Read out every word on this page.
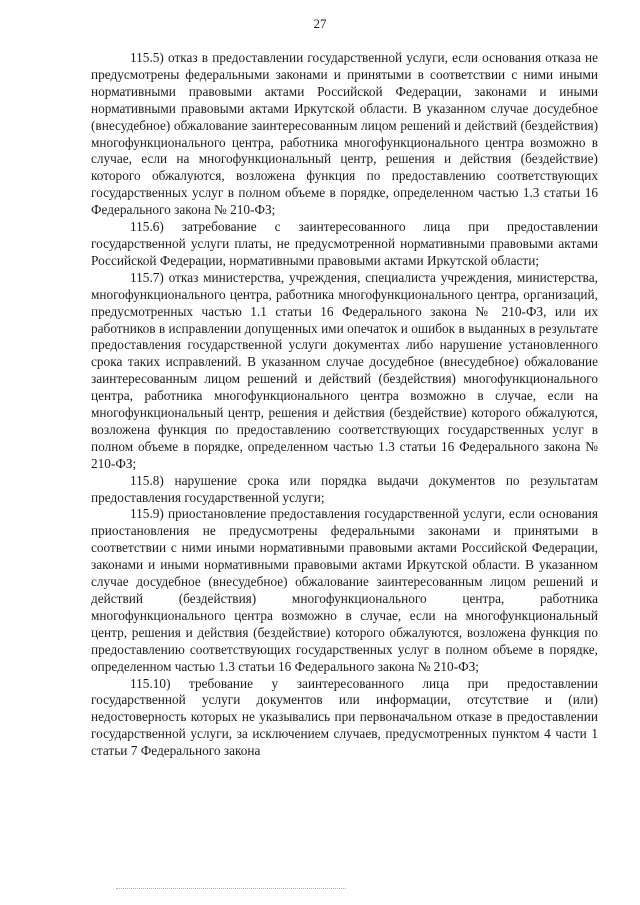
27

115.5) отказ в предоставлении государственной услуги, если основания отказа не предусмотрены федеральными законами и принятыми в соответствии с ними иными нормативными правовыми актами Российской Федерации, законами и иными нормативными правовыми актами Иркутской области. В указанном случае досудебное (внесудебное) обжалование заинтересованным лицом решений и действий (бездействия) многофункционального центра, работника многофункционального центра возможно в случае, если на многофункциональный центр, решения и действия (бездействие) которого обжалуются, возложена функция по предоставлению соответствующих государственных услуг в полном объеме в порядке, определенном частью 1.3 статьи 16 Федерального закона № 210-ФЗ;

115.6) затребование с заинтересованного лица при предоставлении государственной услуги платы, не предусмотренной нормативными правовыми актами Российской Федерации, нормативными правовыми актами Иркутской области;

115.7) отказ министерства, учреждения, специалиста учреждения, министерства, многофункционального центра, работника многофункционального центра, организаций, предусмотренных частью 1.1 статьи 16 Федерального закона № 210-ФЗ, или их работников в исправлении допущенных ими опечаток и ошибок в выданных в результате предоставления государственной услуги документах либо нарушение установленного срока таких исправлений. В указанном случае досудебное (внесудебное) обжалование заинтересованным лицом решений и действий (бездействия) многофункционального центра, работника многофункционального центра возможно в случае, если на многофункциональный центр, решения и действия (бездействие) которого обжалуются, возложена функция по предоставлению соответствующих государственных услуг в полном объеме в порядке, определенном частью 1.3 статьи 16 Федерального закона № 210-ФЗ;

115.8) нарушение срока или порядка выдачи документов по результатам предоставления государственной услуги;

115.9) приостановление предоставления государственной услуги, если основания приостановления не предусмотрены федеральными законами и принятыми в соответствии с ними иными нормативными правовыми актами Российской Федерации, законами и иными нормативными правовыми актами Иркутской области. В указанном случае досудебное (внесудебное) обжалование заинтересованным лицом решений и действий (бездействия) многофункционального центра, работника многофункционального центра возможно в случае, если на многофункциональный центр, решения и действия (бездействие) которого обжалуются, возложена функция по предоставлению соответствующих государственных услуг в полном объеме в порядке, определенном частью 1.3 статьи 16 Федерального закона № 210-ФЗ;

115.10) требование у заинтересованного лица при предоставлении государственной услуги документов или информации, отсутствие и (или) недостоверность которых не указывались при первоначальном отказе в предоставлении государственной услуги, за исключением случаев, предусмотренных пунктом 4 части 1 статьи 7 Федерального закона
